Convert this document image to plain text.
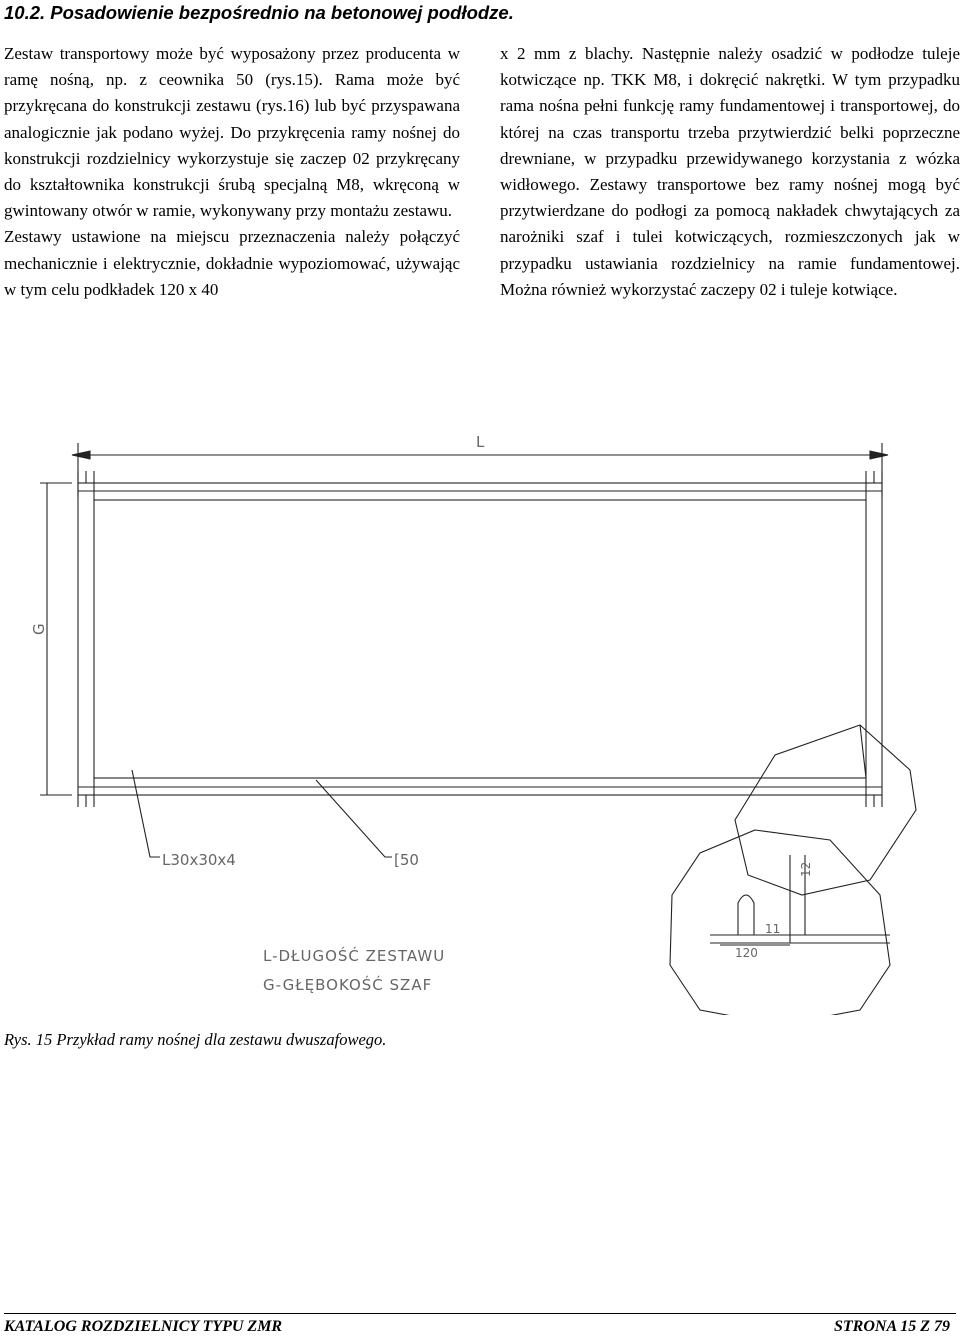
10.2. Posadowienie bezpośrednio na betonowej podłodze.

Zestaw transportowy może być wyposażony przez producenta w ramę nośną, np. z ceownika 50 (rys.15). Rama może być przykręcana do konstrukcji zestawu (rys.16) lub być przyspawana analogicznie jak podano wyżej. Do przykręcenia ramy nośnej do konstrukcji rozdzielnicy wykorzystuje się zaczep 02 przykręcany do kształtownika konstrukcji śrubą specjalną M8, wkręconą w gwintowany otwór w ramie, wykonywany przy montażu zestawu.

Zestawy ustawione na miejscu przeznaczenia należy połączyć mechanicznie i elektrycznie, dokładnie wypoziomować, używając w tym celu podkładek 120 x 40

x 2 mm z blachy. Następnie należy osadzić w podłodze tuleje kotwiczące np. TKK M8, i dokręcić nakrętki. W tym przypadku rama nośna pełni funkcję ramy fundamentowej i transportowej, do której na czas transportu trzeba przytwierdzić belki poprzeczne drewniane, w przypadku przewidywanego korzystania z wózka widłowego. Zestawy transportowe bez ramy nośnej mogą być przytwierdzane do podłogi za pomocą nakładek chwytających za narożniki szaf i tulei kotwiczących, rozmieszczonych jak w przypadku ustawiania rozdzielnicy na ramie fundamentowej. Można również wykorzystać zaczepy 02 i tuleje kotwiące.

L
G
L30x30x4	[50
L-DŁUGOŚĆ ZESTAWU
G-GŁĘBOKOŚĆ SZAF
12
11
120

Rys. 15 Przykład ramy nośnej dla zestawu dwuszafowego.

KATALOG ROZDZIELNICY TYPU ZMR	STRONA 15 Z 79
